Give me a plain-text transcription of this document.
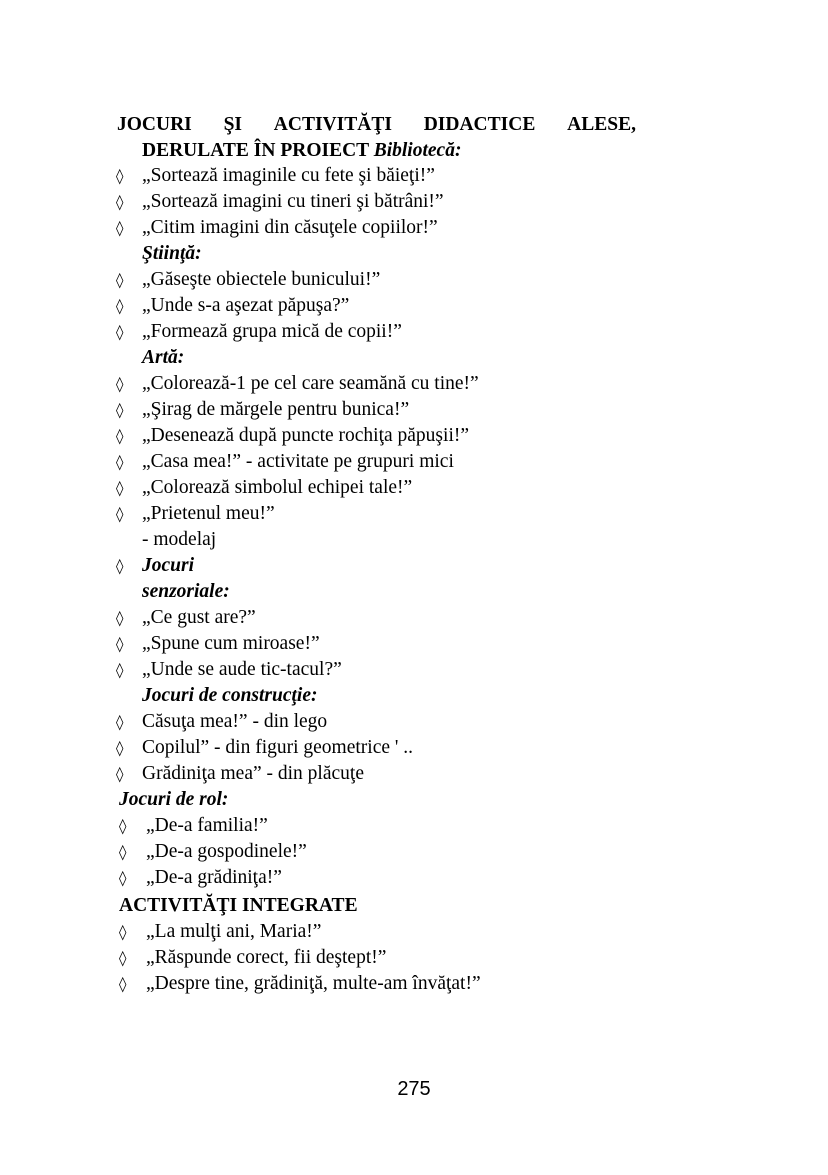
JOCURI ŞI ACTIVITĂŢI DIDACTICE ALESE,
DERULATE ÎN PROIECT Bibliotecă:
◊ „Sortează imaginile cu fete şi băieţi!”
◊ „Sortează imagini cu tineri şi bătrâni!”
◊ „Citim imagini din căsuţele copiilor!”
Ştiinţă:
◊ „Găseşte obiectele bunicului!”
◊ „Unde s-a aşezat păpuşa?”
◊ „Formează grupa mică de copii!”
Artă:
◊ „Colorează-1 pe cel care seamănă cu tine!”
◊ „Şirag de mărgele pentru bunica!”
◊ „Desenează după puncte rochiţa păpuşii!”
◊ „Casa mea!” - activitate pe grupuri mici
◊ „Colorează simbolul echipei tale!”
◊ „Prietenul meu!”
- modelaj
◊ Jocuri
senzoriale:
◊ „Ce gust are?”
◊ „Spune cum miroase!”
◊ „Unde se aude tic-tacul?”
Jocuri de construcţie:
◊ Căsuţa mea!” - din lego
◊ Copilul” - din figuri geometrice ' ..
◊ Grădiniţa mea” - din plăcuţe
Jocuri de rol:
◊ „De-a familia!”
◊ „De-a gospodinele!”
◊ „De-a grădiniţa!”
ACTIVITĂŢI INTEGRATE
◊ „La mulţi ani, Maria!”
◊ „Răspunde corect, fii deştept!”
◊ „Despre tine, grădiniţă, multe-am învăţat!”
275
